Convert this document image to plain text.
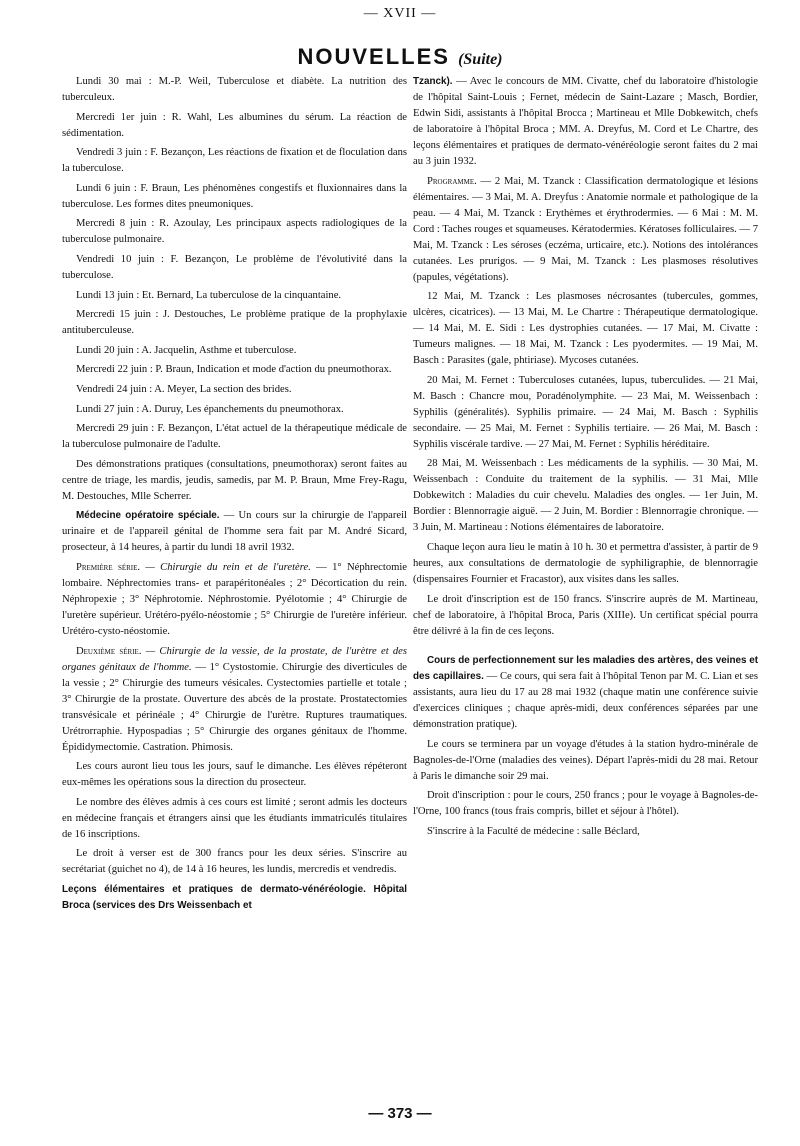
— XVII —
NOUVELLES (Suite)

Lundi 30 mai : M.-P. Weil, Tuberculose et diabète. La nutrition des tuberculeux.

Mercredi 1er juin : R. Wahl, Les albumines du sérum. La réaction de sédimentation.

Vendredi 3 juin : F. Bezançon, Les réactions de fixation et de floculation dans la tuberculose.

Lundi 6 juin : F. Braun, Les phénomènes congestifs et fluxionnaires dans la tuberculose. Les formes dites pneumoniques.

Mercredi 8 juin : R. Azoulay, Les principaux aspects radiologiques de la tuberculose pulmonaire.

Vendredi 10 juin : F. Bezançon, Le problème de l'évolutivité dans la tuberculose.

Lundi 13 juin : Et. Bernard, La tuberculose de la cinquantaine.

Mercredi 15 juin : J. Destouches, Le problème pratique de la prophylaxie antituberculeuse.

Lundi 20 juin : A. Jacquelin, Asthme et tuberculose.

Mercredi 22 juin : P. Braun, Indication et mode d'action du pneumothorax.

Vendredi 24 juin : A. Meyer, La section des brides.

Lundi 27 juin : A. Duruy, Les épanchements du pneumothorax.

Mercredi 29 juin : F. Bezançon, L'état actuel de la thérapeutique médicale de la tuberculose pulmonaire de l'adulte.

Des démonstrations pratiques (consultations, pneumothorax) seront faites au centre de triage, les mardis, jeudis, samedis, par M. P. Braun, Mme Frey-Ragu, M. Destouches, Mlle Scherrer.

Médecine opératoire spéciale. — Un cours sur la chirurgie de l'appareil urinaire et de l'appareil génital de l'homme sera fait par M. André Sicard, prosecteur, à 14 heures, à partir du lundi 18 avril 1932.

Première série. — Chirurgie du rein et de l'uretère. — 1° Néphrectomie lombaire. Néphrectomies trans- et parapéritonéales ; 2° Décortication du rein. Néphropexie ; 3° Néphrotomie. Néphrostomie. Pyélotomie ; 4° Chirurgie de l'uretère supérieur. Urétéro-pyélo-néostomie ; 5° Chirurgie de l'uretère inférieur. Urétéro-cysto-néostomie.

Deuxième série. — Chirurgie de la vessie, de la prostate, de l'urètre et des organes génitaux de l'homme. — 1° Cystostomie. Chirurgie des diverticules de la vessie ; 2° Chirurgie des tumeurs vésicales. Cystectomies partielle et totale ; 3° Chirurgie de la prostate. Ouverture des abcès de la prostate. Prostatectomies transvésicale et périnéale ; 4° Chirurgie de l'urètre. Ruptures traumatiques. Urétrorraphie. Hypospadias ; 5° Chirurgie des organes génitaux de l'homme. Épididymectomie. Castration. Phimosis.

Les cours auront lieu tous les jours, sauf le dimanche. Les élèves répéteront eux-mêmes les opérations sous la direction du prosecteur.

Le nombre des élèves admis à ces cours est limité ; seront admis les docteurs en médecine français et étrangers ainsi que les étudiants immatriculés titulaires de 16 inscriptions.

Le droit à verser est de 300 francs pour les deux séries. S'inscrire au secrétariat (guichet no 4), de 14 à 16 heures, les lundis, mercredis et vendredis.

Leçons élémentaires et pratiques de dermato-vénéréologie. Hôpital Broca (services des Drs Weissenbach et

Tzanck). — Avec le concours de MM. Civatte, chef du laboratoire d'histologie de l'hôpital Saint-Louis ; Fernet, médecin de Saint-Lazare ; Masch, Bordier, Edwin Sidi, assistants à l'hôpital Brocca ; Martineau et Mlle Dobkewitch, chefs de laboratoire à l'hôpital Broca ; MM. A. Dreyfus, M. Cord et Le Chartre, des leçons élémentaires et pratiques de dermato-vénéréologie seront faites du 2 mai au 3 juin 1932.

Programme. — 2 Mai, M. Tzanck : Classification dermatologique et lésions élémentaires. — 3 Mai, M. A. Dreyfus : Anatomie normale et pathologique de la peau. — 4 Mai, M. Tzanck : Erythèmes et érythrodermies. — 6 Mai : M. M. Cord : Taches rouges et squameuses. Kératodermies. Kératoses folliculaires. — 7 Mai, M. Tzanck : Les séroses (eczéma, urticaire, etc.). Notions des intolérances cutanées. Les prurigos. — 9 Mai, M. Tzanck : Les plasmoses résolutives (papules, végétations).

12 Mai, M. Tzanck : Les plasmoses nécrosantes (tubercules, gommes, ulcères, cicatrices). — 13 Mai, M. Le Chartre : Thérapeutique dermatologique. — 14 Mai, M. E. Sidi : Les dystrophies cutanées. — 17 Mai, M. Civatte : Tumeurs malignes. — 18 Mai, M. Tzanck : Les pyodermites. — 19 Mai, M. Basch : Parasites (gale, phtiriase). Mycoses cutanées.

20 Mai, M. Fernet : Tuberculoses cutanées, lupus, tuberculides. — 21 Mai, M. Basch : Chancre mou, Poradénolymphite. — 23 Mai, M. Weissenbach : Syphilis (généralités). Syphilis primaire. — 24 Mai, M. Basch : Syphilis secondaire. — 25 Mai, M. Fernet : Syphilis tertiaire. — 26 Mai, M. Basch : Syphilis viscérale tardive. — 27 Mai, M. Fernet : Syphilis héréditaire.

28 Mai, M. Weissenbach : Les médicaments de la syphilis. — 30 Mai, M. Weissenbach : Conduite du traitement de la syphilis. — 31 Mai, Mlle Dobkewitch : Maladies du cuir chevelu. Maladies des ongles. — 1er Juin, M. Bordier : Blennorragie aiguë. — 2 Juin, M. Bordier : Blennorragie chronique. — 3 Juin, M. Martineau : Notions élémentaires de laboratoire.

Chaque leçon aura lieu le matin à 10 h. 30 et permettra d'assister, à partir de 9 heures, aux consultations de dermatologie de syphiligraphie, de blennorragie (dispensaires Fournier et Fracastor), aux visites dans les salles.

Le droit d'inscription est de 150 francs. S'inscrire auprès de M. Martineau, chef de laboratoire, à l'hôpital Broca, Paris (XIIIe). Un certificat spécial pourra être délivré à la fin de ces leçons.

Cours de perfectionnement sur les maladies des artères, des veines et des capillaires. — Ce cours, qui sera fait à l'hôpital Tenon par M. C. Lian et ses assistants, aura lieu du 17 au 28 mai 1932 (chaque matin une conférence suivie d'exercices cliniques ; chaque après-midi, deux conférences séparées par une démonstration pratique).

Le cours se terminera par un voyage d'études à la station hydro-minérale de Bagnoles-de-l'Orne (maladies des veines). Départ l'après-midi du 28 mai. Retour à Paris le dimanche soir 29 mai.

Droit d'inscription : pour le cours, 250 francs ; pour le voyage à Bagnoles-de-l'Orne, 100 francs (tous frais compris, billet et séjour à l'hôtel).

S'inscrire à la Faculté de médecine : salle Béclard,

— 373 —
